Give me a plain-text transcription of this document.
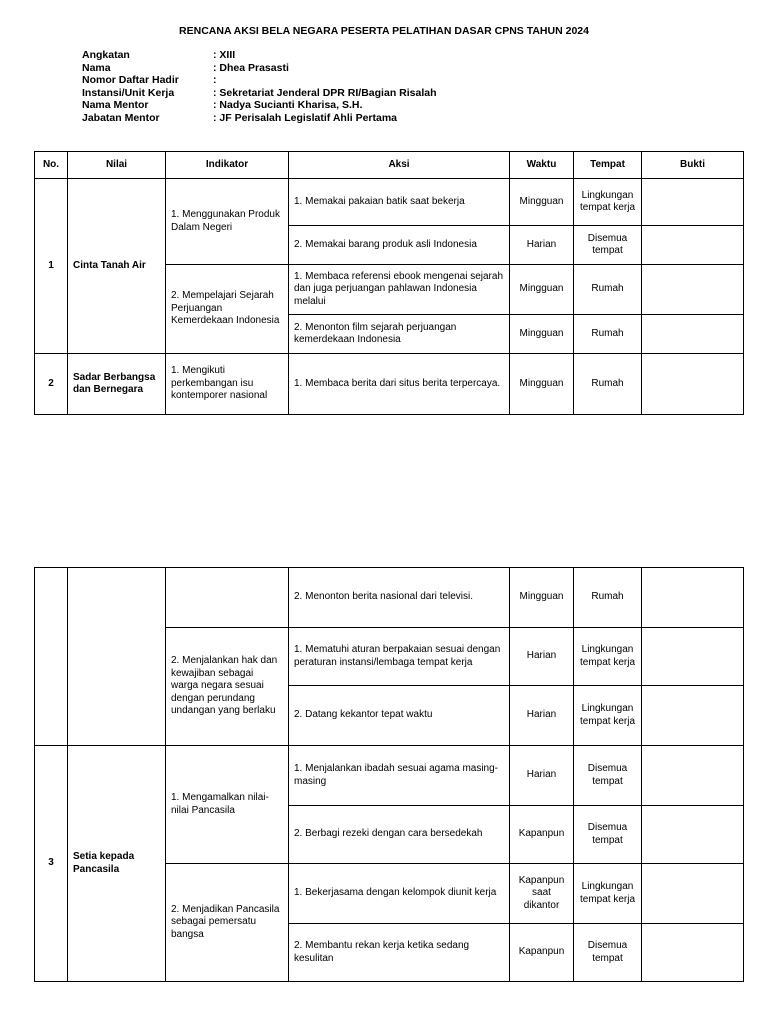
RENCANA AKSI BELA NEGARA PESERTA PELATIHAN DASAR CPNS TAHUN 2024
Angkatan	: XIII
Nama	: Dhea Prasasti
Nomor Daftar Hadir	:
Instansi/Unit Kerja	: Sekretariat Jenderal DPR RI/Bagian Risalah
Nama Mentor	: Nadya Sucianti Kharisa, S.H.
Jabatan Mentor	: JF Perisalah Legislatif Ahli Pertama
No.	Nilai	Indikator	Aksi	Waktu	Tempat	Bukti
1	Cinta Tanah Air	1. Menggunakan Produk Dalam Negeri	1. Memakai pakaian batik saat bekerja	Mingguan	Lingkungan tempat kerja	
			2. Memakai barang produk asli Indonesia	Harian	Disemua tempat	
		2. Mempelajari Sejarah Perjuangan Kemerdekaan Indonesia	1. Membaca referensi ebook mengenai sejarah dan juga perjuangan pahlawan Indonesia melalui	Mingguan	Rumah	
			2. Menonton film sejarah perjuangan kemerdekaan Indonesia	Mingguan	Rumah	
2	Sadar Berbangsa dan Bernegara	1. Mengikuti perkembangan isu kontemporer nasional	1. Membaca berita dari situs berita terpercaya.	Mingguan	Rumah	
			2. Menonton berita nasional dari televisi.	Mingguan	Rumah	
		2. Menjalankan hak dan kewajiban sebagai warga negara sesuai dengan perundang undangan yang berlaku	1. Mematuhi aturan berpakaian sesuai dengan peraturan instansi/lembaga tempat kerja	Harian	Lingkungan tempat kerja	
			2. Datang kekantor tepat waktu	Harian	Lingkungan tempat kerja	
3	Setia kepada Pancasila	1. Mengamalkan nilai-nilai Pancasila	1. Menjalankan ibadah sesuai agama masing-masing	Harian	Disemua tempat	
			2. Berbagi rezeki dengan cara bersedekah	Kapanpun	Disemua tempat	
		2. Menjadikan Pancasila sebagai pemersatu bangsa	1. Bekerjasama dengan kelompok diunit kerja	Kapanpun saat dikantor	Lingkungan tempat kerja	
			2. Membantu rekan kerja ketika sedang kesulitan	Kapanpun	Disemua tempat	
